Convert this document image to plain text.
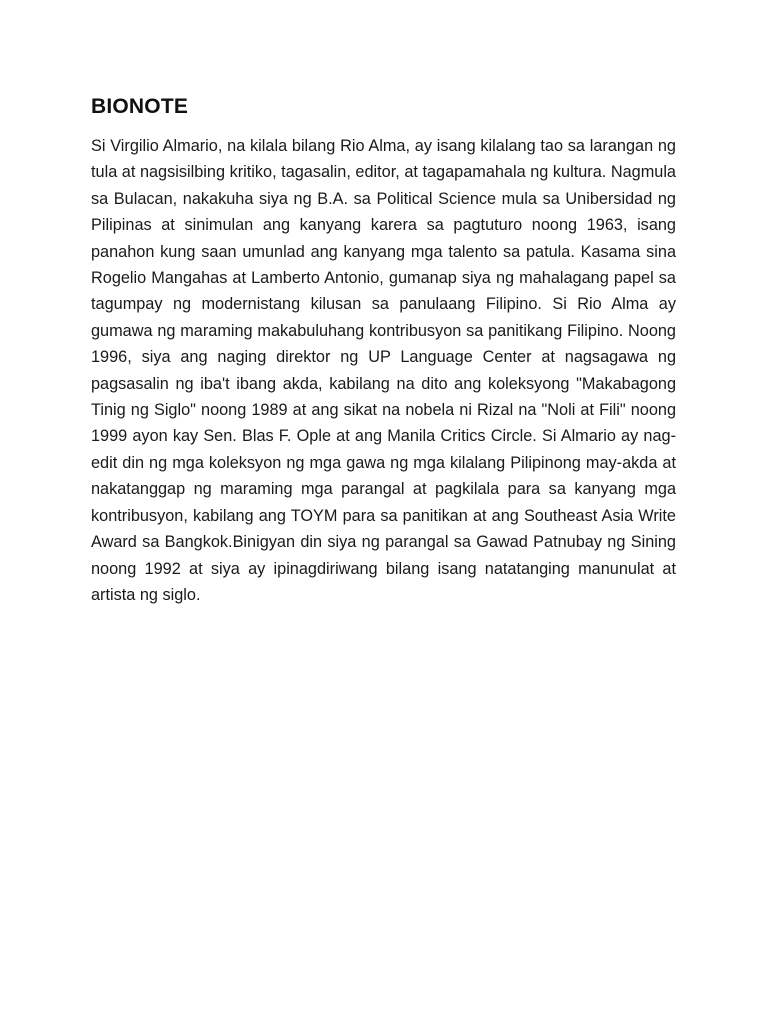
BIONOTE

Si Virgilio Almario, na kilala bilang Rio Alma, ay isang kilalang tao sa larangan ng tula at nagsisilbing kritiko, tagasalin, editor, at tagapamahala ng kultura. Nagmula sa Bulacan, nakakuha siya ng B.A. sa Political Science mula sa Unibersidad ng Pilipinas at sinimulan ang kanyang karera sa pagtuturo noong 1963, isang panahon kung saan umunlad ang kanyang mga talento sa patula. Kasama sina Rogelio Mangahas at Lamberto Antonio, gumanap siya ng mahalagang papel sa tagumpay ng modernistang kilusan sa panulaang Filipino. Si Rio Alma ay gumawa ng maraming makabuluhang kontribusyon sa panitikang Filipino. Noong 1996, siya ang naging direktor ng UP Language Center at nagsagawa ng pagsasalin ng iba't ibang akda, kabilang na dito ang koleksyong "Makabagong Tinig ng Siglo" noong 1989 at ang sikat na nobela ni Rizal na "Noli at Fili" noong 1999 ayon kay Sen. Blas F. Ople at ang Manila Critics Circle. Si Almario ay nag-edit din ng mga koleksyon ng mga gawa ng mga kilalang Pilipinong may-akda at nakatanggap ng maraming mga parangal at pagkilala para sa kanyang mga kontribusyon, kabilang ang TOYM para sa panitikan at ang Southeast Asia Write Award sa Bangkok.Binigyan din siya ng parangal sa Gawad Patnubay ng Sining noong 1992 at siya ay ipinagdiriwang bilang isang natatanging manunulat at artista ng siglo.
